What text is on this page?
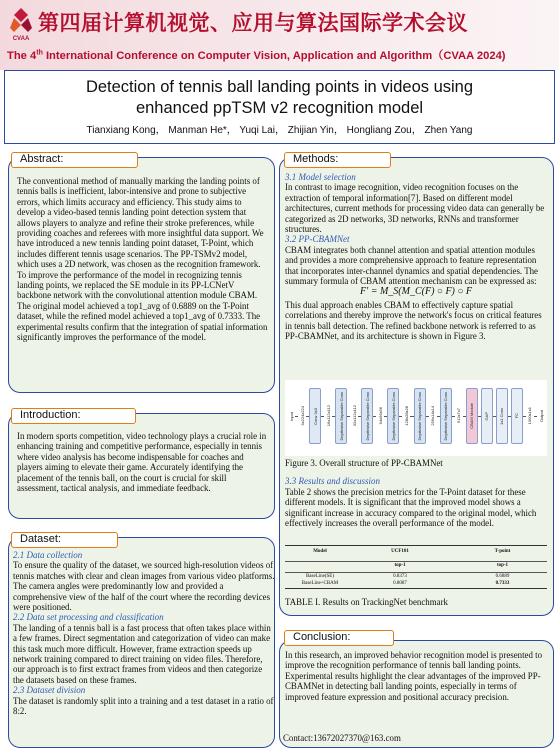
CVAA
第四届计算机视觉、应用与算法国际学术会议
The 4th International Conference on Computer Vision, Application and Algorithm（CVAA 2024)
Detection of tennis ball landing points in videos using
enhanced ppTSM v2 recognition model
Tianxiang Kong， Manman He*， Yuqi Lai， Zhijian Yin， Hongliang Zou， Zhen Yang
Abstract:
The conventional method of manually marking the landing points of tennis balls is inefficient, labor-intensive and prone to subjective errors, which limits accuracy and efficiency. This study aims to develop a video-based tennis landing point detection system that allows players to analyze and refine their stroke preferences, while providing coaches and referees with more insightful data support. We have introduced a new tennis landing point dataset, T-Point, which includes different tennis usage scenarios. The PP-TSMv2 model, which uses a 2D network, was chosen as the recognition framework. To improve the performance of the model in recognizing tennis landing points, we replaced the SE module in its PP-LCNetV backbone network with the convolutional attention module CBAM. The original model achieved a top1_avg of 0.6889 on the T-Point dataset, while the refined model achieved a top1_avg of 0.7333. The experimental results confirm that the integration of spatial information significantly improves the performance of the model.
Introduction:
In modern sports competition, video technology plays a crucial role in enhancing training and competitive performance, especially in tennis where video analysis has become indispensable for coaches and players aiming to elevate their game. Accurately identifying the placement of the tennis ball, on the court is crucial for skill assessment, tactical analysis, and immediate feedback.
Dataset:

2.1 Data collection

To ensure the quality of the dataset, we sourced high-resolution videos of tennis matches with clear and clean images from various video platforms. The camera angles were predominantly low and provided a comprehensive view of the half of the court where the recording devices were positioned.

2.2 Data set processing and classification

The landing of a tennis ball is a fast process that often takes place within a few frames. Direct segmentation and categorization of video can make this task much more difficult. However, frame extraction speeds up network training compared to direct training on video files. Therefore, our approach is to first extract frames from videos and then categorize the datasets based on these frames.

2.3 Dataset division

The dataset is randomly split into a training and a test dataset in a ratio of 8:2.

Methods:

3.1 Model selection

In contrast to image recognition, video recognition focuses on the extraction of temporal information[7]. Based on different model architectures, current methods for processing video data can generally be categorized as 2D networks, 3D networks, RNNs and transformer structures.

3.2 PP-CBAMNet

CBAM integrates both channel attention and spatial attention modules and provides a more comprehensive approach to feature representation that incorporates inter-channel dynamics and spatial dependencies. The summary formula of CBAM attention mechanism can be expressed as:

F′ = M_S(M_C(F) ○ F) ○ F

This dual approach enables CBAM to effectively capture spatial correlations and thereby improve the network's focus on critical features in tennis ball detection. The refined backbone network is referred to as PP-CBAMNet, and its architecture is shown in Figure 3.

Input 3x224x224 Conv 3x3 16x112x112 Depthwise Separable Conv 32x112x112 Depthwise Separable Conv 64x56x56 Depthwise Separable Conv 128x28x28 Depthwise Separable Conv 256x14x14 Depthwise Separable Conv 512x7x7 CBAM Module	GAP	1x1 Conv	FC 1000x1x1 Output

Figure 3. Overall structure of PP-CBAMNet

3.3 Results and discussion

Table 2 shows the precision metrics for the T-Point dataset for these different models. It is significant that the improved model shows a significant increase in accuracy compared to the original model, which effectively increases the overall performance of the model.

Model	UCF101	T-point
top-1	top-1
BaseLine(SE)	0.8373	0.6889
BaseLine+CBAM	0.8087	0.7333
TABLE I. Results on TrackingNet benchmark
Conclusion:
In this research, an improved behavior recognition model is presented to improve the recognition performance of tennis ball landing points. Experimental results highlight the clear advantages of the improved PP-CBAMNet in detecting ball landing points, especially in terms of improved feature expression and positional accuracy precision.
Contact:13672027370@163.com
